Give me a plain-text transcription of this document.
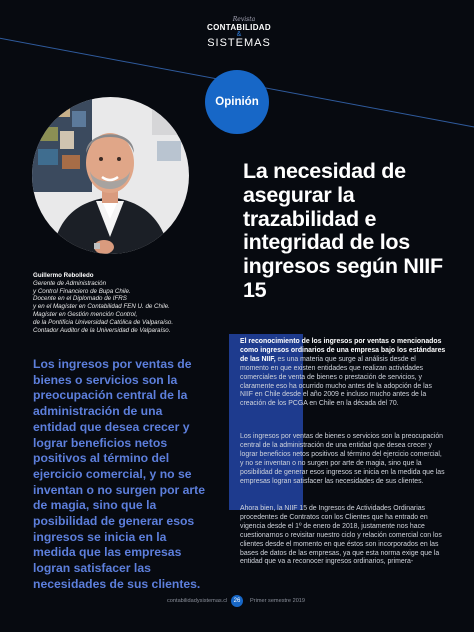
Revista
CONTABILIDAD
&
SISTEMAS
Opinión
Guillermo Rebolledo
Gerente de Administración
y Control Financiero de Bupa Chile.
Docente en el Diplomado de IFRS
y en el Magíster en Contabilidad FEN U. de Chile.
Magíster en Gestión mención Control,
de la Pontificia Universidad Católica de Valparaíso.
Contador Auditor de la Universidad de Valparaíso.
La necesidad de asegurar la trazabilidad e integridad de los ingresos según NIIF 15

El reconocimiento de los ingresos por ventas o mencionados como ingresos ordinarios de una empresa bajo los estándares de las NIIF, es una materia que surge al análisis desde el momento en que existen entidades que realizan actividades comerciales de venta de bienes o prestación de servicios, y claramente eso ha ocurrido mucho antes de la adopción de las NIIF en Chile desde el año 2009 e incluso mucho antes de la creación de los PCGA en Chile en la década del 70.

Los ingresos por ventas de bienes o servicios son la preocupación central de la administración de una entidad que desea crecer y lograr beneficios netos positivos al término del ejercicio comercial, y no se inventan o no surgen por arte de magia, sino que la posibilidad de generar esos ingresos se inicia en la medida que las empresas logran satisfacer las necesidades de sus clientes.

Ahora bien, la NIIF 15 de Ingresos de Actividades Ordinarias procedentes de Contratos con los Clientes que ha entrado en vigencia desde el 1º de enero de 2018, justamente nos hace cuestionarnos o revisitar nuestro ciclo y relación comercial con los clientes desde el momento en que éstos son incorporados en las bases de datos de las empresas, ya que esta norma exige que la entidad que va a reconocer ingresos ordinarios, primera-

Los ingresos por ventas de bienes o servicios son la preocupación central de la administración de una entidad que desea crecer y lograr beneficios netos positivos al término del ejercicio comercial, y no se inventan o no surgen por arte de magia, sino que la posibilidad de generar esos ingresos se inicia en la medida que las empresas logran satisfacer las necesidades de sus clientes.

contabilidadysistemas.cl	26	Primer semestre 2019
